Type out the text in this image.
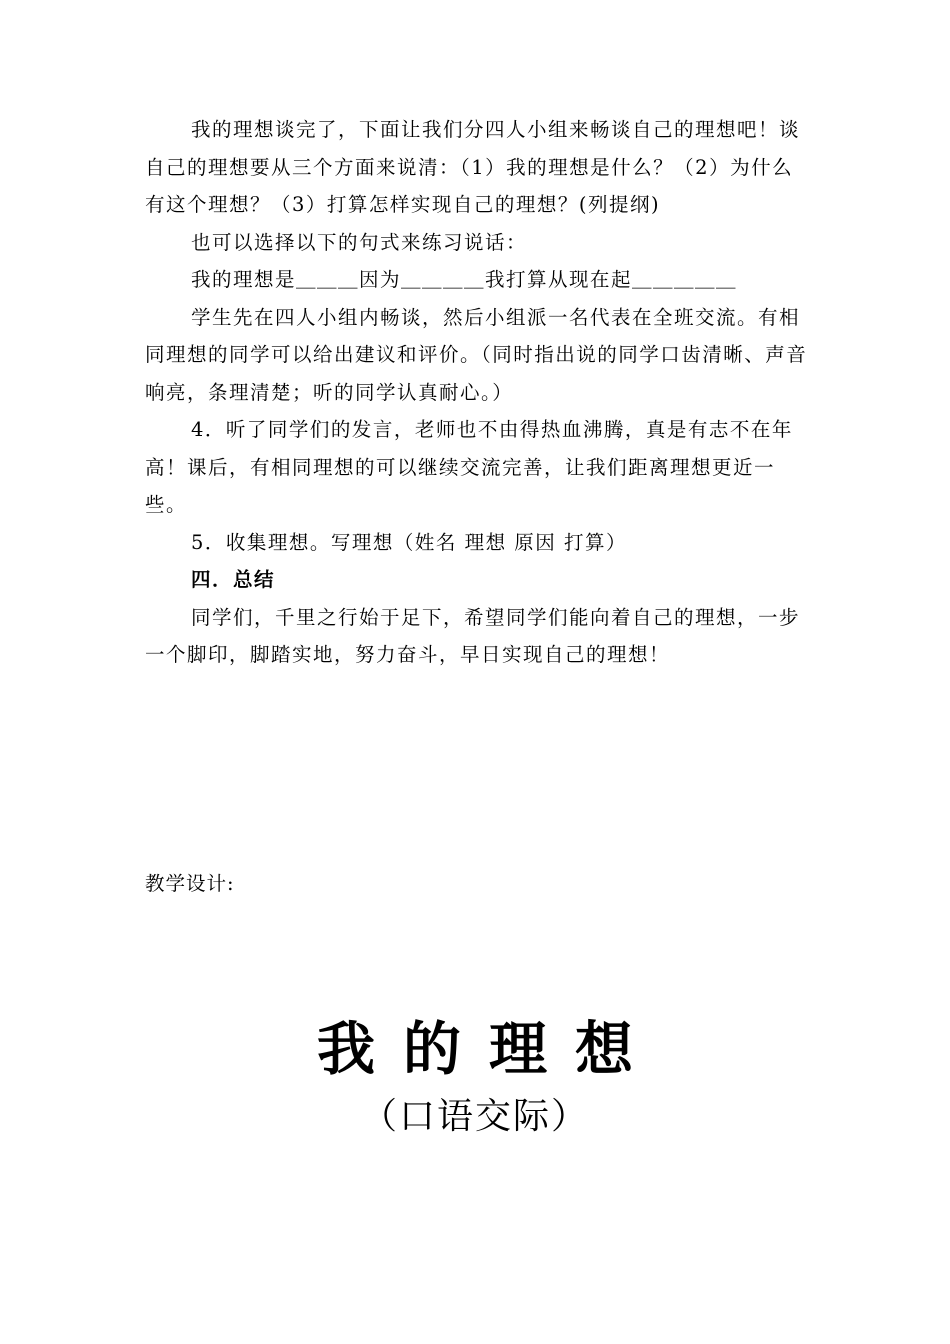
我的理想谈完了，下面让我们分四人小组来畅谈自己的理想吧！谈自己的理想要从三个方面来说清：（1）我的理想是什么？（2）为什么有这个理想？（3）打算怎样实现自己的理想？(列提纲)

也可以选择以下的句式来练习说话：

我的理想是＿＿＿因为＿＿＿＿我打算从现在起＿＿＿＿＿

学生先在四人小组内畅谈，然后小组派一名代表在全班交流。有相同理想的同学可以给出建议和评价。（同时指出说的同学口齿清晰、声音响亮，条理清楚；听的同学认真耐心。）

4．听了同学们的发言，老师也不由得热血沸腾，真是有志不在年高！课后，有相同理想的可以继续交流完善，让我们距离理想更近一些。

5．收集理想。写理想（姓名 理想 原因 打算）

四．总结

同学们，千里之行始于足下，希望同学们能向着自己的理想，一步一个脚印，脚踏实地，努力奋斗，早日实现自己的理想！

教学设计:
我的理想
（口语交际）
